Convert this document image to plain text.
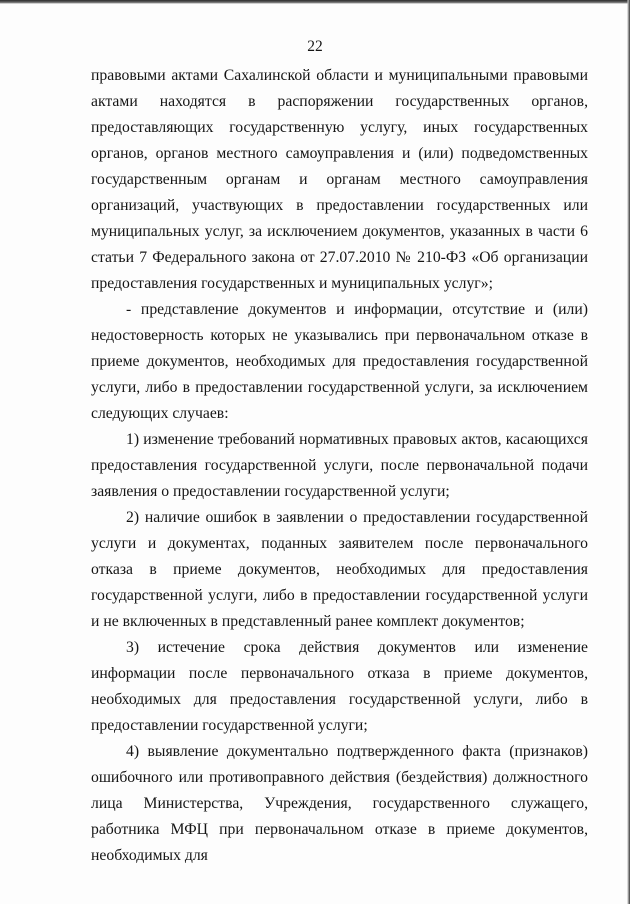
22

правовыми актами Сахалинской области и муниципальными правовыми актами находятся в распоряжении государственных органов, предоставляющих государственную услугу, иных государственных органов, органов местного самоуправления и (или) подведомственных государственным органам и органам местного самоуправления организаций, участвующих в предоставлении государственных или муниципальных услуг, за исключением документов, указанных в части 6 статьи 7 Федерального закона от 27.07.2010 № 210-ФЗ «Об организации предоставления государственных и муниципальных услуг»;

- представление документов и информации, отсутствие и (или) недостоверность которых не указывались при первоначальном отказе в приеме документов, необходимых для предоставления государственной услуги, либо в предоставлении государственной услуги, за исключением следующих случаев:

1) изменение требований нормативных правовых актов, касающихся предоставления государственной услуги, после первоначальной подачи заявления о предоставлении государственной услуги;

2) наличие ошибок в заявлении о предоставлении государственной услуги и документах, поданных заявителем после первоначального отказа в приеме документов, необходимых для предоставления государственной услуги, либо в предоставлении государственной услуги и не включенных в представленный ранее комплект документов;

3) истечение срока действия документов или изменение информации после первоначального отказа в приеме документов, необходимых для предоставления государственной услуги, либо в предоставлении государственной услуги;

4) выявление документально подтвержденного факта (признаков) ошибочного или противоправного действия (бездействия) должностного лица Министерства, Учреждения, государственного служащего, работника МФЦ при первоначальном отказе в приеме документов, необходимых для
